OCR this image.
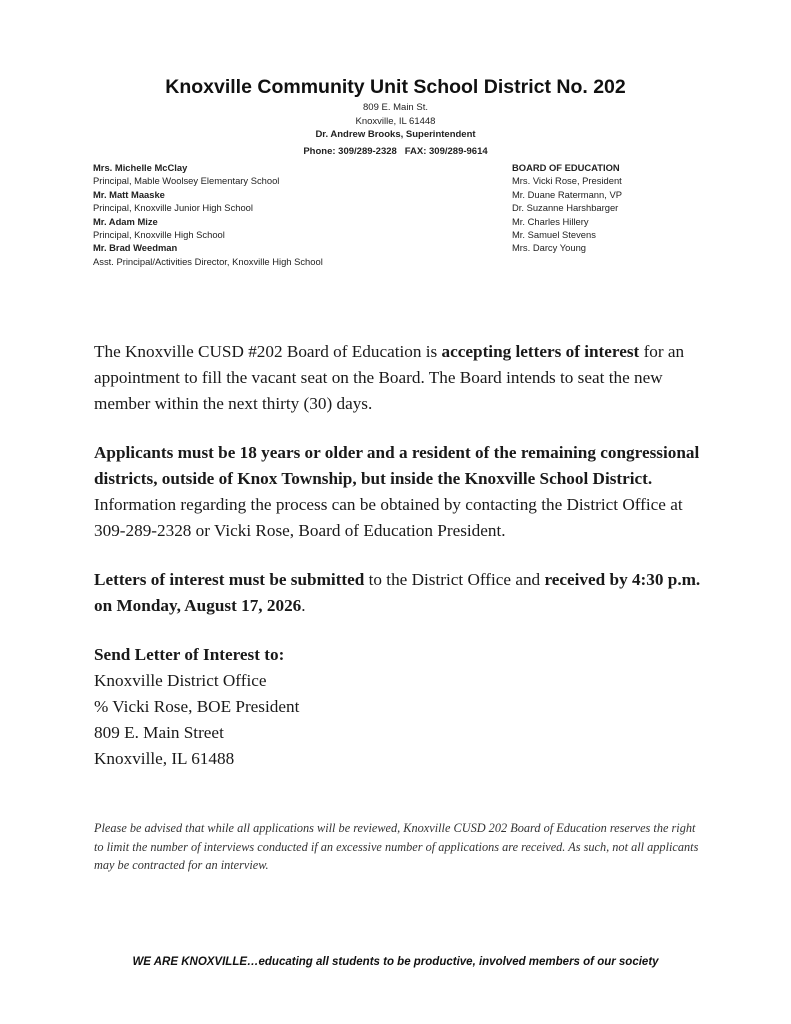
Knoxville Community Unit School District No. 202
809 E. Main St.
Knoxville, IL 61448
Dr. Andrew Brooks, Superintendent
Phone: 309/289-2328   FAX: 309/289-9614
Mrs. Michelle McClay
Principal, Mable Woolsey Elementary School
Mr. Matt Maaske
Principal, Knoxville Junior High School
Mr. Adam Mize
Principal, Knoxville High School
Mr. Brad Weedman
Asst. Principal/Activities Director, Knoxville High School
BOARD OF EDUCATION
Mrs. Vicki Rose, President
Mr. Duane Ratermann, VP
Dr. Suzanne Harshbarger
Mr. Charles Hillery
Mr. Samuel Stevens
Mrs. Darcy Young
The Knoxville CUSD #202 Board of Education is accepting letters of interest for an appointment to fill the vacant seat on the Board. The Board intends to seat the new member within the next thirty (30) days.
Applicants must be 18 years or older and a resident of the remaining congressional districts, outside of Knox Township, but inside the Knoxville School District. Information regarding the process can be obtained by contacting the District Office at 309-289-2328 or Vicki Rose, Board of Education President.
Letters of interest must be submitted to the District Office and received by 4:30 p.m. on Monday, August 17, 2026.
Send Letter of Interest to:
Knoxville District Office
% Vicki Rose, BOE President
809 E. Main Street
Knoxville, IL 61488
Please be advised that while all applications will be reviewed, Knoxville CUSD 202 Board of Education reserves the right to limit the number of interviews conducted if an excessive number of applications are received. As such, not all applicants may be contracted for an interview.
WE ARE KNOXVILLE…educating all students to be productive, involved members of our society
